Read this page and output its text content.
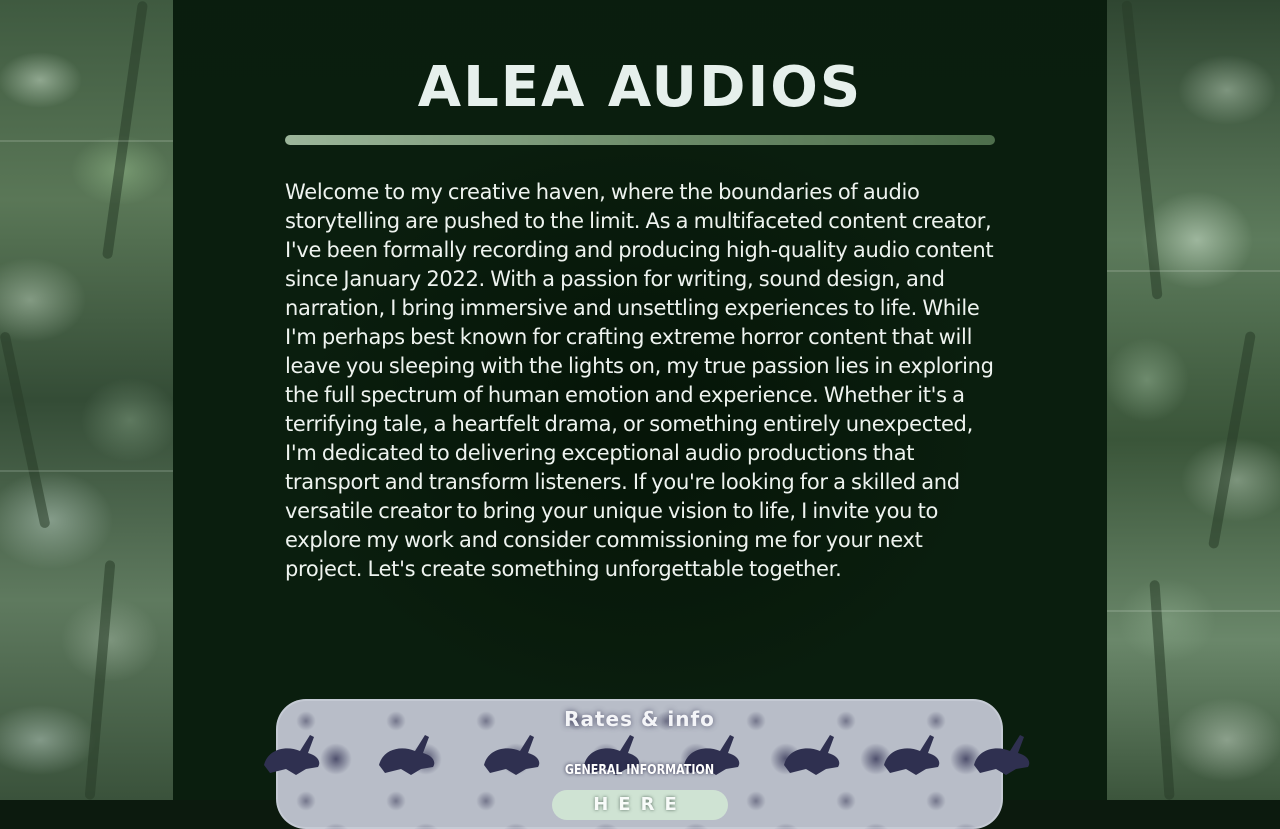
ALEA AUDIOS

Welcome to my creative haven, where the boundaries of audio storytelling are pushed to the limit. As a multifaceted content creator, I've been formally recording and producing high-quality audio content since January 2022. With a passion for writing, sound design, and narration, I bring immersive and unsettling experiences to life. While I'm perhaps best known for crafting extreme horror content that will leave you sleeping with the lights on, my true passion lies in exploring the full spectrum of human emotion and experience. Whether it's a terrifying tale, a heartfelt drama, or something entirely unexpected, I'm dedicated to delivering exceptional audio productions that transport and transform listeners. If you're looking for a skilled and versatile creator to bring your unique vision to life, I invite you to explore my work and consider commissioning me for your next project. Let's create something unforgettable together.

Rates & info
GENERAL INFORMATION
HERE
